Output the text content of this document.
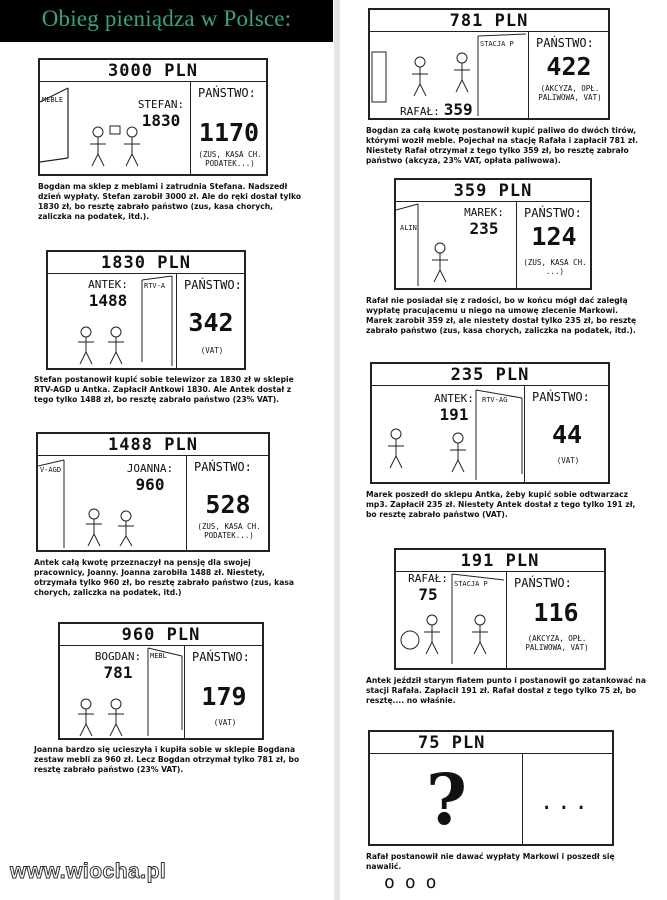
Obieg pieniądza w Polsce:
3000 PLN
MEBLE	STEFAN:
1830
PAŃSTWO:
1170
(ZUS, KASA CH. PODATEK...)
Bogdan ma sklep z meblami i zatrudnia Stefana. Nadszedł dzień wypłaty. Stefan zarobił 3000 zł. Ale do ręki dostał tylko 1830 zł, bo resztę zabrało państwo (zus, kasa chorych, zaliczka na podatek, itd.).
1830 PLN
RTV-A
ANTEK:
1488
PAŃSTWO:
342
(VAT)
Stefan postanowił kupić sobie telewizor za 1830 zł w sklepie RTV-AGD u Antka. Zapłacił Antkowi 1830. Ale Antek dostał z tego tylko 1488 zł, bo resztę zabrało państwo (23% VAT).
1488 PLN
V-AGD	JOANNA:
960
PAŃSTWO:
528
(ZUS, KASA CH. PODATEK...)
Antek całą kwotę przeznaczył na pensję dla swojej pracownicy, Joanny. Joanna zarobiła 1488 zł. Niestety, otrzymała tylko 960 zł, bo resztę zabrało państwo (zus, kasa chorych, zaliczka na podatek, itd.)
960 PLN
MEBL
BOGDAN:
781
PAŃSTWO:
179
(VAT)
Joanna bardzo się ucieszyła i kupiła sobie w sklepie Bogdana zestaw mebli za 960 zł. Lecz Bogdan otrzymał tylko 781 zł, bo resztę zabrało państwo (23% VAT).
781 PLN
STACJA P
RAFAŁ: 359
PAŃSTWO:
422
(AKCYZA, OPŁ. PALIWOWA, VAT)
Bogdan za całą kwotę postanowił kupić paliwo do dwóch tirów, którymi woził meble. Pojechał na stację Rafała i zapłacił 781 zł. Niestety Rafał otrzymał z tego tylko 359 zł, bo resztę zabrało państwo (akcyza, 23% VAT, opłata paliwowa).
359 PLN
ALIN
MAREK:
235
PAŃSTWO:
124
(ZUS, KASA CH. ...)
Rafał nie posiadał się z radości, bo w końcu mógł dać zaległą wypłatę pracującemu u niego na umowę zlecenie Markowi. Marek zarobił 359 zł, ale niestety dostał tylko 235 zł, bo resztę zabrało państwo (zus, kasa chorych, zaliczka na podatek, itd.).
235 PLN
RTV-AG
ANTEK:
191
PAŃSTWO:
44
(VAT)
Marek poszedł do sklepu Antka, żeby kupić sobie odtwarzacz mp3. Zapłacił 235 zł. Niestety Antek dostał z tego tylko 191 zł, bo resztę zabrało państwo (VAT).
191 PLN
STACJA P
RAFAŁ:
75
PAŃSTWO:
116
(AKCYZA, OPŁ. PALIWOWA, VAT)
Antek jeździł starym fiatem punto i postanowił go zatankować na stacji Rafała. Zapłacił 191 zł. Rafał dostał z tego tylko 75 zł, bo resztę.... no właśnie.
75 PLN
?	...
Rafał postanowił nie dawać wypłaty Markowi i poszedł się nawalić.
ooo
www.wiocha.pl
